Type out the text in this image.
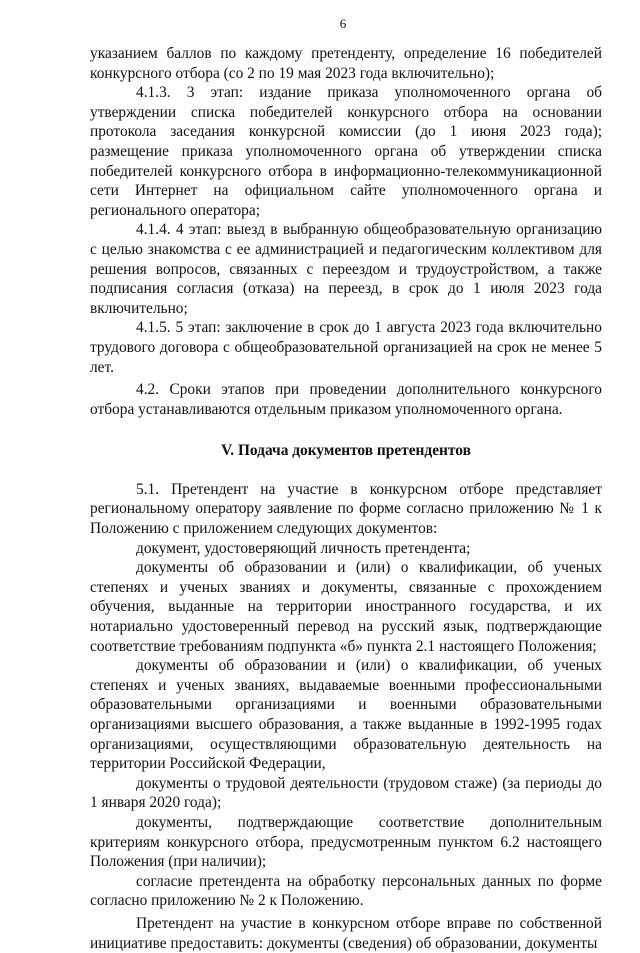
6

указанием баллов по каждому претенденту, определение 16 победителей конкурсного отбора (со 2 по 19 мая 2023 года включительно);

4.1.3. 3 этап: издание приказа уполномоченного органа об утверждении списка победителей конкурсного отбора на основании протокола заседания конкурсной комиссии (до 1 июня 2023 года); размещение приказа уполномоченного органа об утверждении списка победителей конкурсного отбора в информационно-телекоммуникационной сети Интернет на официальном сайте уполномоченного органа и регионального оператора;

4.1.4. 4 этап: выезд в выбранную общеобразовательную организацию с целью знакомства с ее администрацией и педагогическим коллективом для решения вопросов, связанных с переездом и трудоустройством, а также подписания согласия (отказа) на переезд, в срок до 1 июля 2023 года включительно;

4.1.5. 5 этап: заключение в срок до 1 августа 2023 года включительно трудового договора с общеобразовательной организацией на срок не менее 5 лет.

4.2. Сроки этапов при проведении дополнительного конкурсного отбора устанавливаются отдельным приказом уполномоченного органа.

V. Подача документов претендентов

5.1. Претендент на участие в конкурсном отборе представляет региональному оператору заявление по форме согласно приложению № 1 к Положению с приложением следующих документов:

документ, удостоверяющий личность претендента;

документы об образовании и (или) о квалификации, об ученых степенях и ученых званиях и документы, связанные с прохождением обучения, выданные на территории иностранного государства, и их нотариально удостоверенный перевод на русский язык, подтверждающие соответствие требованиям подпункта «б» пункта 2.1 настоящего Положения;

документы об образовании и (или) о квалификации, об ученых степенях и ученых званиях, выдаваемые военными профессиональными образовательными организациями и военными образовательными организациями высшего образования, а также выданные в 1992-1995 годах организациями, осуществляющими образовательную деятельность на территории Российской Федерации,

документы о трудовой деятельности (трудовом стаже) (за периоды до 1 января 2020 года);

документы, подтверждающие соответствие дополнительным критериям конкурсного отбора, предусмотренным пунктом 6.2 настоящего Положения (при наличии);

согласие претендента на обработку персональных данных по форме согласно приложению № 2 к Положению.

Претендент на участие в конкурсном отборе вправе по собственной инициативе предоставить: документы (сведения) об образовании, документы
